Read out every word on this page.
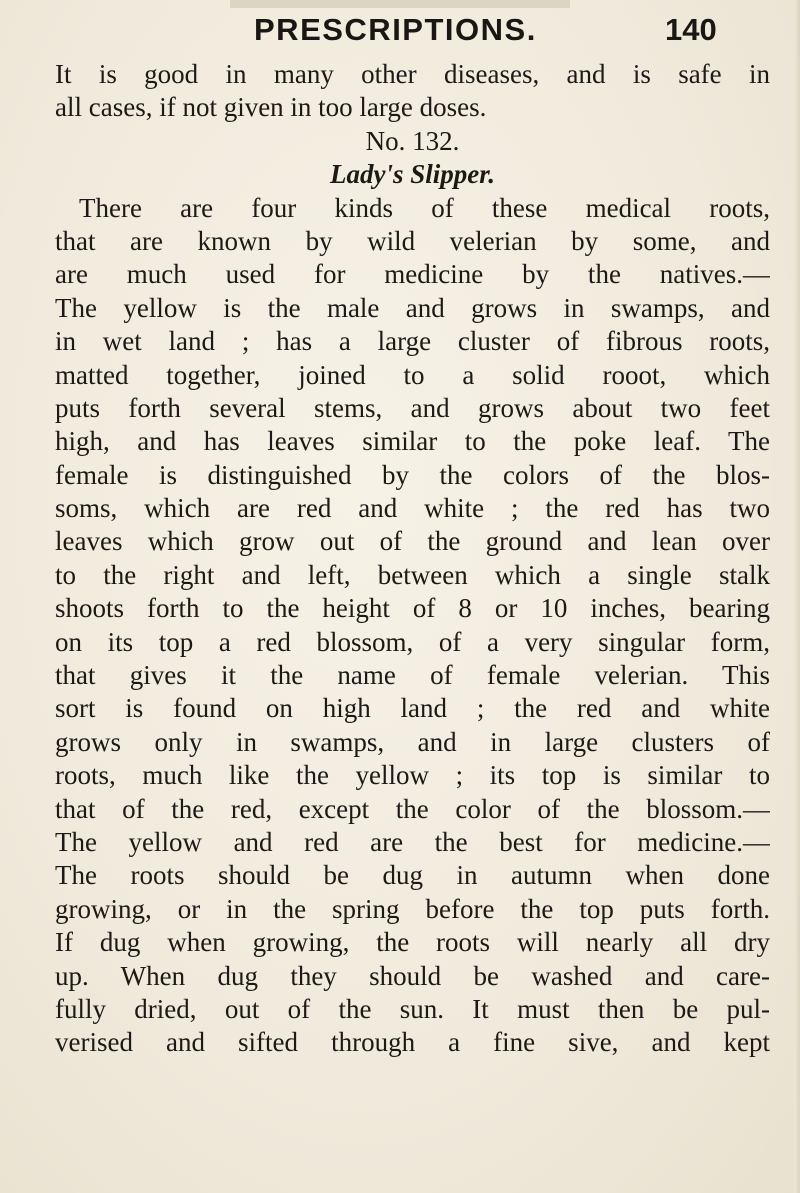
PRESCRIPTIONS.	140
It is good in many other diseases, and is safe in
all cases, if not given in too large doses.
No. 132.
Lady's Slipper.
There are four kinds of these medical roots,
that are known by wild velerian by some, and
are much used for medicine by the natives.—
The yellow is the male and grows in swamps, and
in wet land ; has a large cluster of fibrous roots,
matted together, joined to a solid rooot, which
puts forth several stems, and grows about two feet
high, and has leaves similar to the poke leaf. The
female is distinguished by the colors of the blos-
soms, which are red and white ; the red has two
leaves which grow out of the ground and lean over
to the right and left, between which a single stalk
shoots forth to the height of 8 or 10 inches, bearing
on its top a red blossom, of a very singular form,
that gives it the name of female velerian. This
sort is found on high land ; the red and white
grows only in swamps, and in large clusters of
roots, much like the yellow ; its top is similar to
that of the red, except the color of the blossom.—
The yellow and red are the best for medicine.—
The roots should be dug in autumn when done
growing, or in the spring before the top puts forth.
If dug when growing, the roots will nearly all dry
up. When dug they should be washed and care-
fully dried, out of the sun. It must then be pul-
verised and sifted through a fine sive, and kept
